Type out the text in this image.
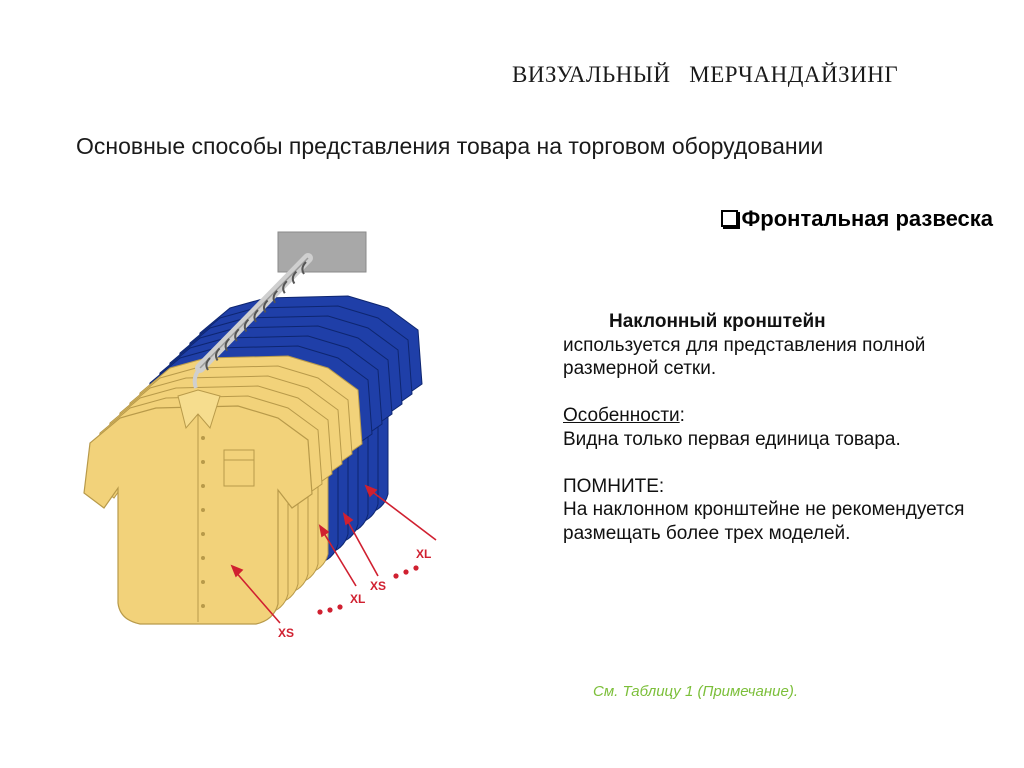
ВИЗУАЛЬНЫЙ   МЕРЧАНДАЙЗИНГ
Основные способы представления товара на торговом оборудовании
Фронтальная развеска
Наклонный кронштейн
используется для представления полной размерной сетки.
Особенности:
Видна только первая единица товара.
ПОМНИТЕ:
На наклонном кронштейне не рекомендуется размещать более трех моделей.
XS
XL
XS
XL
См. Таблицу 1 (Примечание).
